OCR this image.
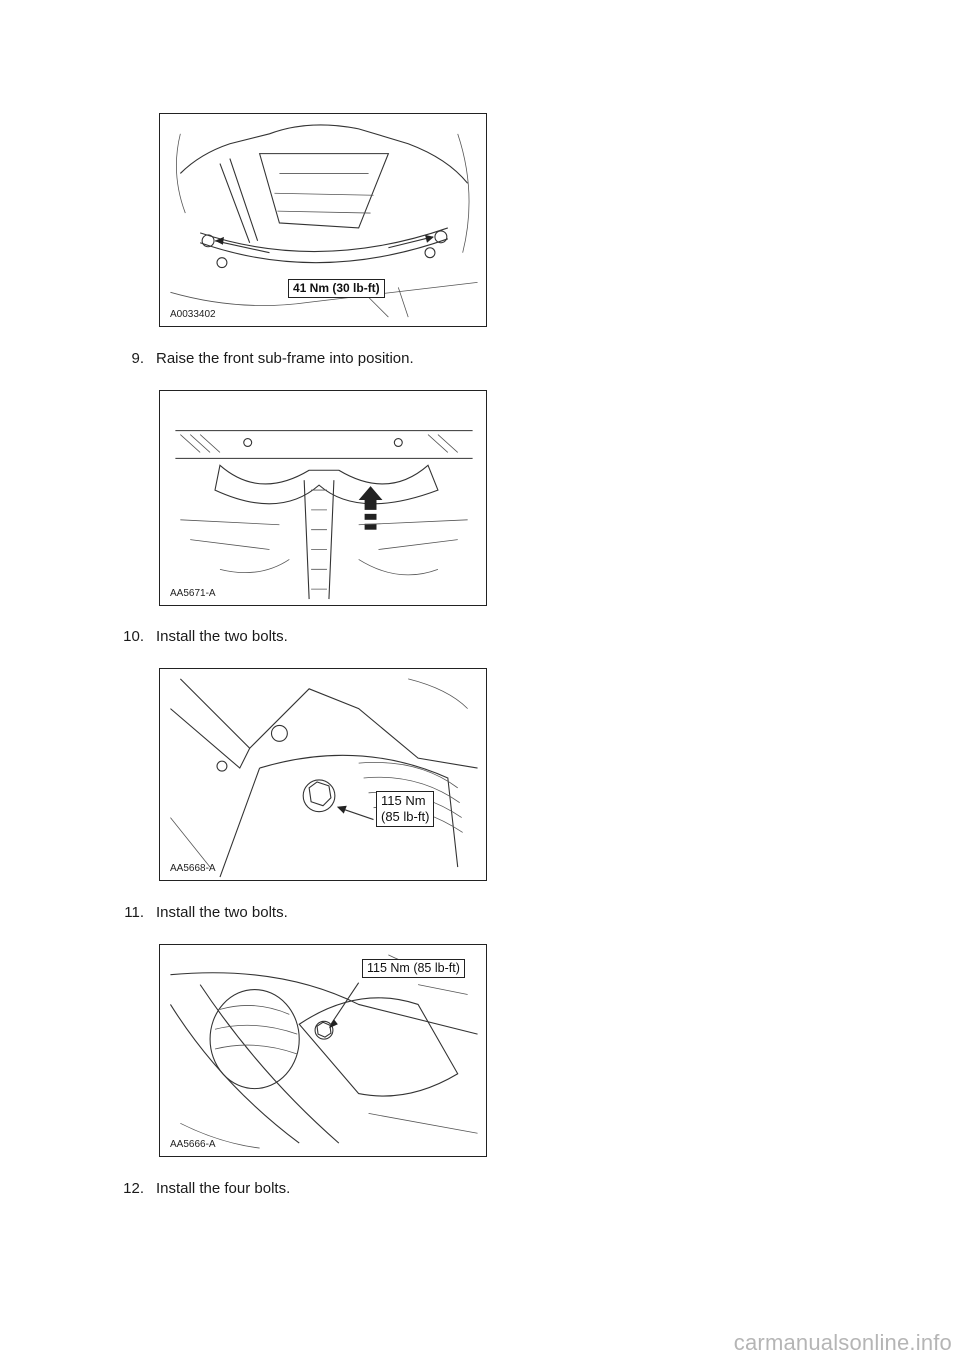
41 Nm (30 lb-ft)
A0033402
9. Raise the front sub-frame into position.
AA5671-A
10. Install the two bolts.
115 Nm
(85 lb-ft)
AA5668-A
11. Install the two bolts.
115 Nm (85 lb-ft)
AA5666-A
12. Install the four bolts.
carmanualsonline.info
